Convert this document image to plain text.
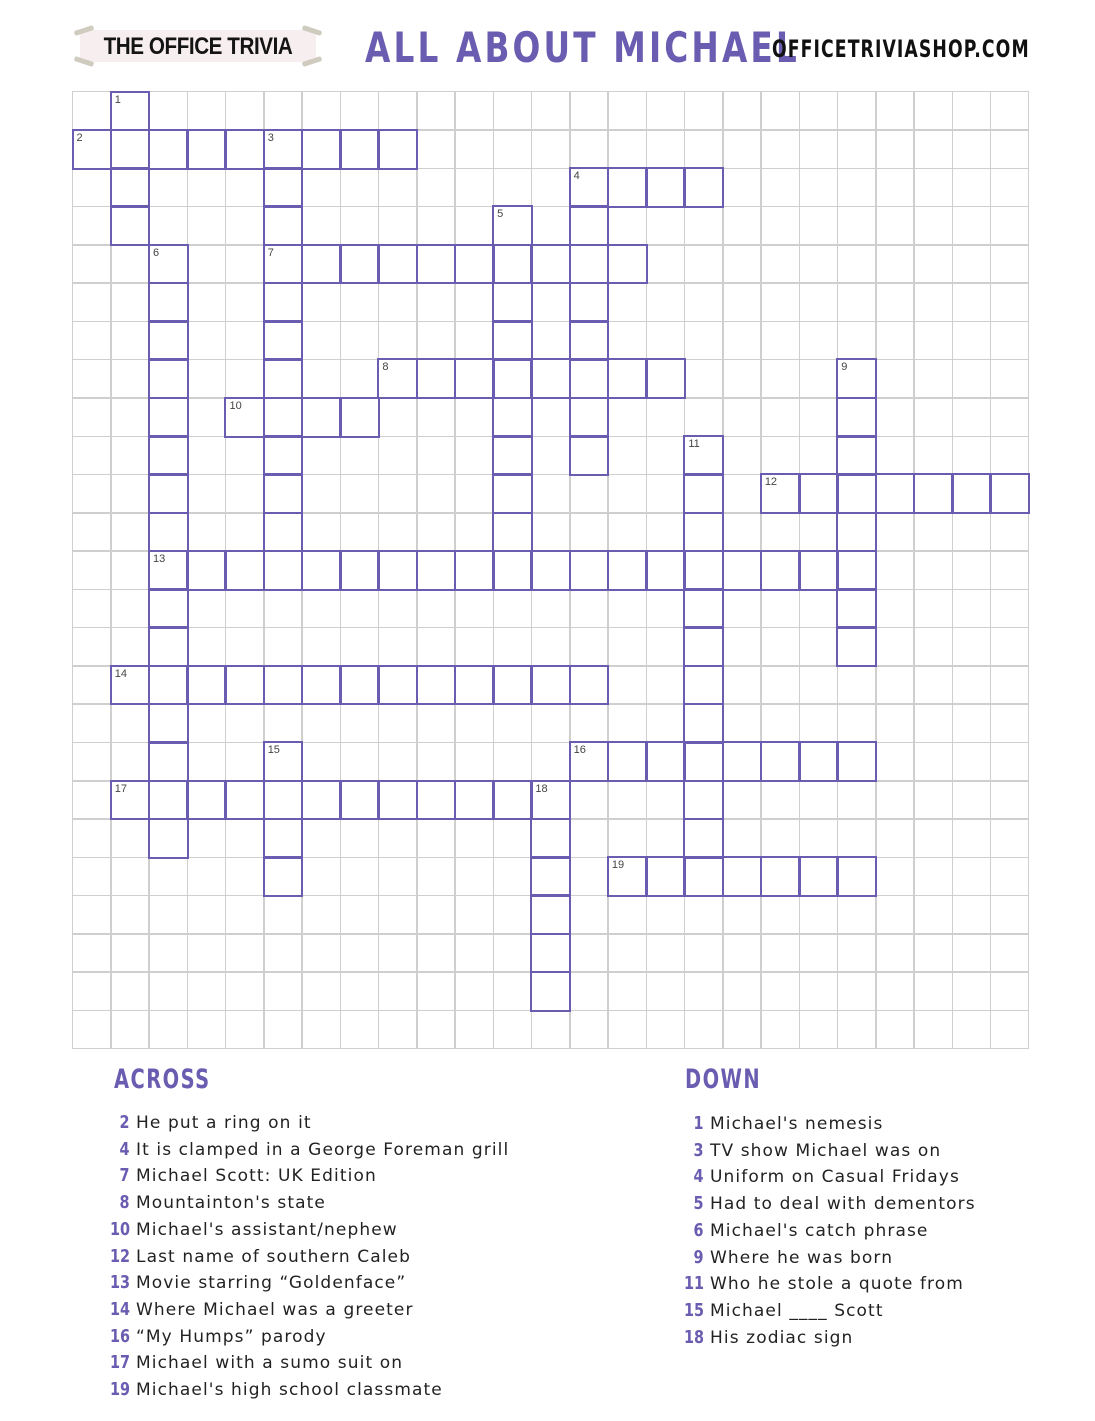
THE OFFICE TRIVIA	ALL ABOUT MICHAEL
OFFICETRIVIASHOP.COM
1
2	3
7
4
5
6
13
8	9
10
11
12
14
15	16
17	18
19
ACROSS
2 He put a ring on it
4 It is clamped in a George Foreman grill
7 Michael Scott: UK Edition
8 Mountainton's state
10 Michael's assistant/nephew
12 Last name of southern Caleb
13 Movie starring “Goldenface”
14 Where Michael was a greeter
16 “My Humps” parody
17 Michael with a sumo suit on
19 Michael's high school classmate
DOWN
1 Michael's nemesis
3 TV show Michael was on
4 Uniform on Casual Fridays
5 Had to deal with dementors
6 Michael's catch phrase
9 Where he was born
11 Who he stole a quote from
15 Michael ____ Scott
18 His zodiac sign
